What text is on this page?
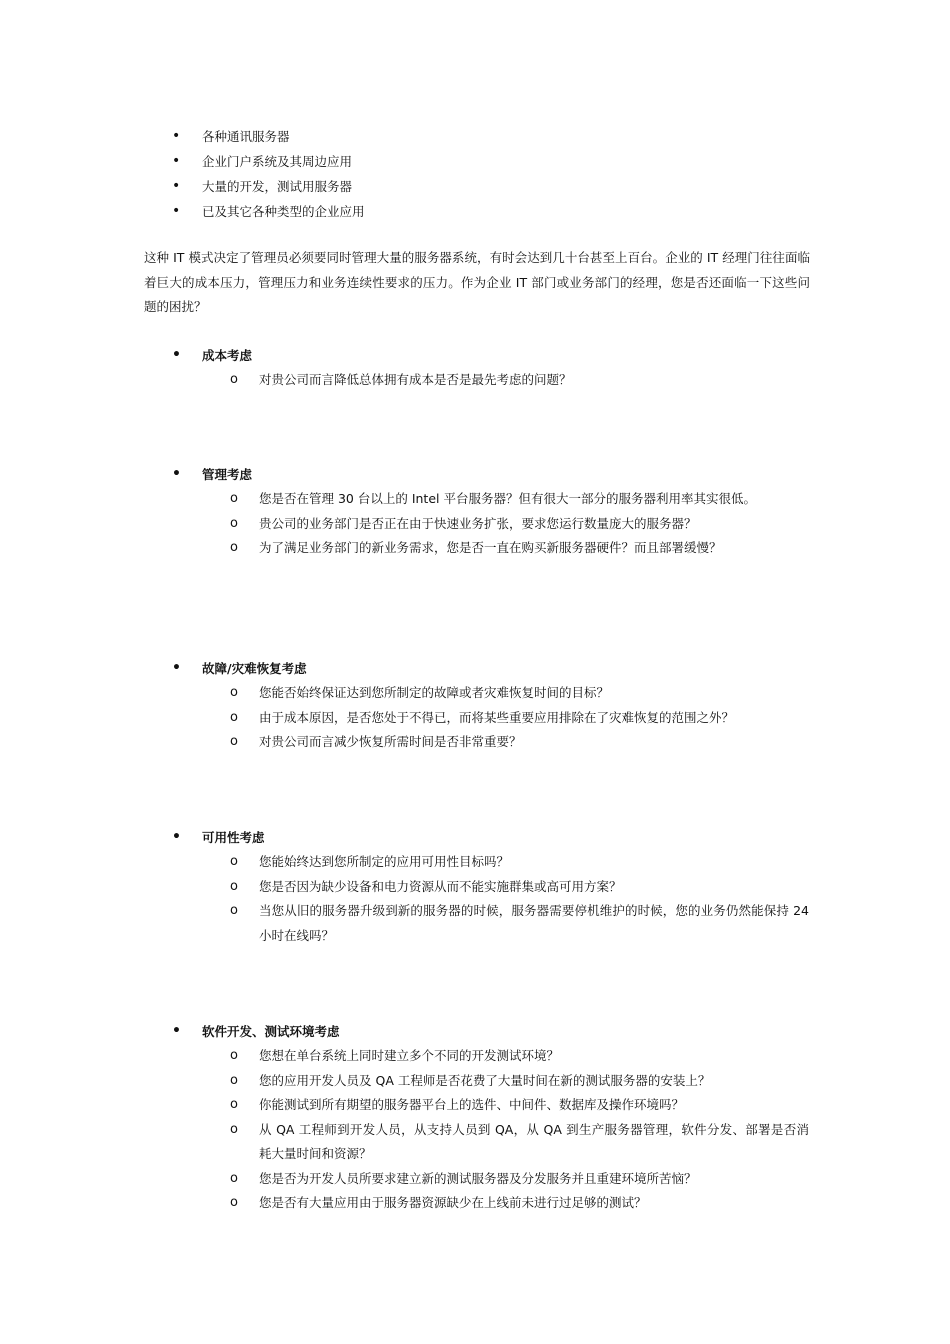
• 各种通讯服务器
• 企业门户系统及其周边应用
• 大量的开发，测试用服务器
• 已及其它各种类型的企业应用

这种 IT 模式决定了管理员必须要同时管理大量的服务器系统，有时会达到几十台甚至上百台。企业的 IT 经理门往往面临着巨大的成本压力，管理压力和业务连续性要求的压力。作为企业 IT 部门或业务部门的经理，您是否还面临一下这些问题的困扰？

• 成本考虑
o 对贵公司而言降低总体拥有成本是否是最先考虑的问题？
• 管理考虑
o 您是否在管理 30 台以上的 Intel 平台服务器？但有很大一部分的服务器利用率其实很低。
o 贵公司的业务部门是否正在由于快速业务扩张，要求您运行数量庞大的服务器？
o 为了满足业务部门的新业务需求，您是否一直在购买新服务器硬件？而且部署缓慢？
• 故障/灾难恢复考虑
o 您能否始终保证达到您所制定的故障或者灾难恢复时间的目标？
o 由于成本原因，是否您处于不得已，而将某些重要应用排除在了灾难恢复的范围之外？
o 对贵公司而言减少恢复所需时间是否非常重要？
• 可用性考虑
o 您能始终达到您所制定的应用可用性目标吗？
o 您是否因为缺少设备和电力资源从而不能实施群集或高可用方案？
o 当您从旧的服务器升级到新的服务器的时候，服务器需要停机维护的时候，您的业务仍然能保持 24 小时在线吗？
• 软件开发、测试环境考虑
o 您想在单台系统上同时建立多个不同的开发测试环境？
o 您的应用开发人员及 QA 工程师是否花费了大量时间在新的测试服务器的安装上？
o 你能测试到所有期望的服务器平台上的选件、中间件、数据库及操作环境吗？
o 从 QA 工程师到开发人员，从支持人员到 QA，从 QA 到生产服务器管理，软件分发、部署是否消耗大量时间和资源？
o 您是否为开发人员所要求建立新的测试服务器及分发服务并且重建环境所苦恼？
o 您是否有大量应用由于服务器资源缺少在上线前未进行过足够的测试？
